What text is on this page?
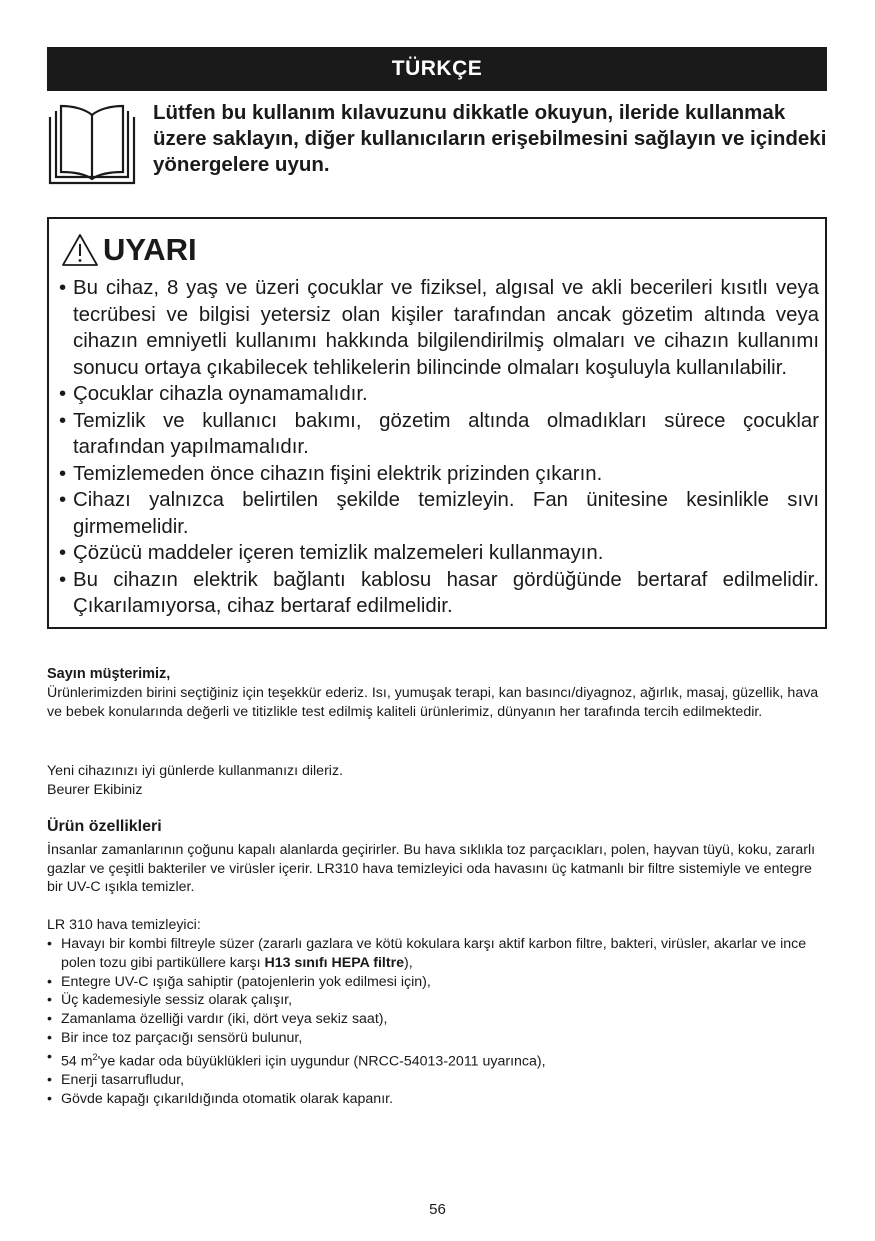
TÜRKÇE
Lütfen bu kullanım kılavuzunu dikkatle okuyun, ileride kullanmak üzere saklayın, diğer kullanıcıların erişebilmesini sağlayın ve içindeki yönergelere uyun.
UYARI
• Bu cihaz, 8 yaş ve üzeri çocuklar ve fiziksel, algısal ve akli becerileri kısıtlı veya tecrübesi ve bilgisi yetersiz olan kişiler tarafından ancak gözetim altında veya cihazın emniyetli kullanımı hakkında bilgilendirilmiş olmaları ve cihazın kullanımı sonucu ortaya çıkabilecek tehlikelerin bilincinde olmaları koşuluyla kullanılabilir.
• Çocuklar cihazla oynamamalıdır.
• Temizlik ve kullanıcı bakımı, gözetim altında olmadıkları sürece çocuklar tarafından yapılmamalıdır.
• Temizlemeden önce cihazın fişini elektrik prizinden çıkarın.
• Cihazı yalnızca belirtilen şekilde temizleyin. Fan ünitesine kesinlikle sıvı girmemelidir.
• Çözücü maddeler içeren temizlik malzemeleri kullanmayın.
• Bu cihazın elektrik bağlantı kablosu hasar gördüğünde bertaraf edilmelidir. Çıkarılamıyorsa, cihaz bertaraf edilmelidir.

Sayın müşterimiz,

Ürünlerimizden birini seçtiğiniz için teşekkür ederiz. Isı, yumuşak terapi, kan basıncı/diyagnoz, ağırlık, masaj, güzellik, hava ve bebek konularında değerli ve titizlikle test edilmiş kaliteli ürünlerimiz, dünyanın her tarafında tercih edilmektedir.

Yeni cihazınızı iyi günlerde kullanmanızı dileriz.

Beurer Ekibiniz

Ürün özellikleri

İnsanlar zamanlarının çoğunu kapalı alanlarda geçirirler. Bu hava sıklıkla toz parçacıkları, polen, hayvan tüyü, koku, zararlı gazlar ve çeşitli bakteriler ve virüsler içerir. LR310 hava temizleyici oda havasını üç katmanlı bir filtre sistemiyle ve entegre bir UV-C ışıkla temizler.

LR 310 hava temizleyici:

• Havayı bir kombi filtreyle süzer (zararlı gazlara ve kötü kokulara karşı aktif karbon filtre, bakteri, virüsler, akarlar ve ince polen tozu gibi partiküllere karşı H13 sınıfı HEPA filtre),
• Entegre UV-C ışığa sahiptir (patojenlerin yok edilmesi için),
• Üç kademesiyle sessiz olarak çalışır,
• Zamanlama özelliği vardır (iki, dört veya sekiz saat),
• Bir ince toz parçacığı sensörü bulunur,
• 54 $m^2'ye$ kadar oda büyüklükleri için uygundur (NRCC-54013-2011 uyarınca),
• Enerji tasarrufludur,
• Gövde kapağı çıkarıldığında otomatik olarak kapanır.
56
